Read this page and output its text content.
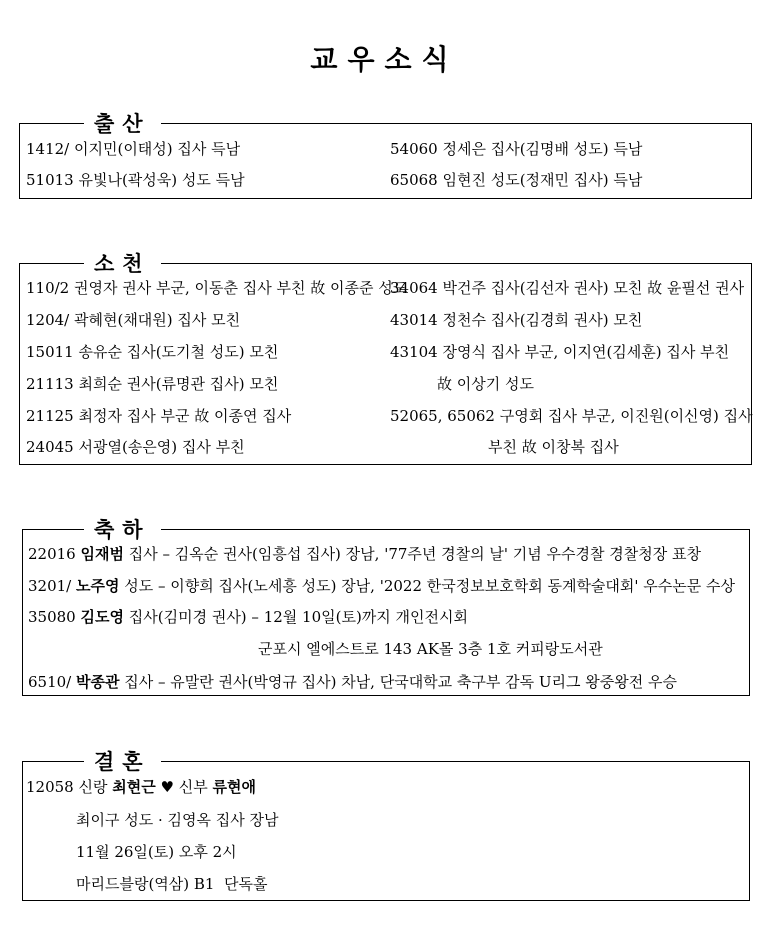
교우소식
출산
1412/ 이지민(이태성) 집사 득남
51013 유빛나(곽성욱) 성도 득남
54060 정세은 집사(김명배 성도) 득남
65068 임현진 성도(정재민 집사) 득남
소천
110/2 권영자 권사 부군, 이동춘 집사 부친 故 이종준 성도
1204/ 곽혜현(채대원) 집사 모친
15011 송유순 집사(도기철 성도) 모친
21113 최희순 권사(류명관 집사) 모친
21125 최정자 집사 부군 故 이종연 집사
24045 서광열(송은영) 집사 부친
34064 박건주 집사(김선자 권사) 모친 故 윤필선 권사
43014 정천수 집사(김경희 권사) 모친
43104 장영식 집사 부군, 이지연(김세훈) 집사 부친
故 이상기 성도
52065, 65062 구영회 집사 부군, 이진원(이신영) 집사
부친 故 이창복 집사
축하
22016 임재범 집사 – 김옥순 권사(임흥섭 집사) 장남, '77주년 경찰의 날' 기념 우수경찰 경찰청장 표창
3201/ 노주영 성도 – 이향희 집사(노세흥 성도) 장남, '2022 한국정보보호학회 동계학술대회' 우수논문 수상
35080 김도영 집사(김미경 권사) – 12월 10일(토)까지 개인전시회
군포시 엘에스트로 143 AK몰 3층 1호 커피랑도서관
6510/ 박종관 집사 – 유말란 권사(박영규 집사) 차남, 단국대학교 축구부 감독 U리그 왕중왕전 우승
결혼
12058 신랑 최현근 ♥ 신부 류현애
최이구 성도 · 김영옥 집사 장남
11월 26일(토) 오후 2시
마리드블랑(역삼) B1  단독홀
